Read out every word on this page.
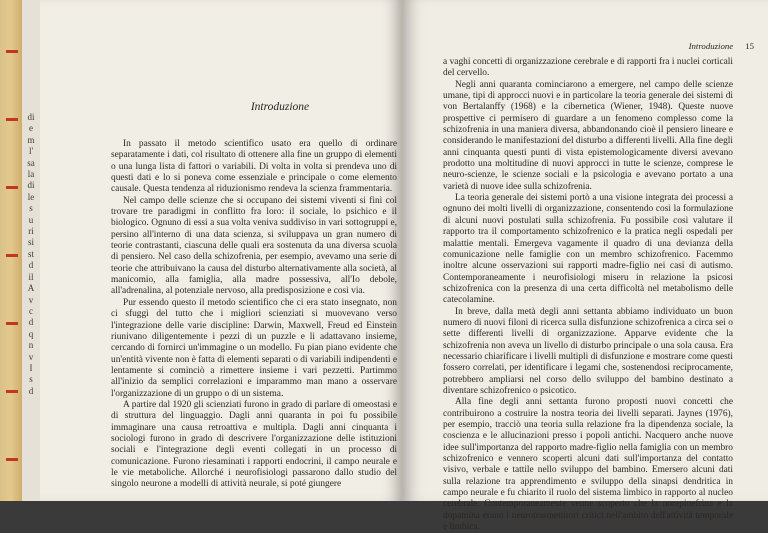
di
e
m
l'
sa
la
di
le
s
u
ri
si
st
d
il
A
v
c
d
q
n
v
I
s
d
Introduzione

In passato il metodo scientifico usato era quello di ordinare separatamente i dati, col risultato di ottenere alla fine un gruppo di elementi o una lunga lista di fattori o variabili. Di volta in volta si prendeva uno di questi dati e lo si poneva come essenziale e principale o come elemento causale. Questa tendenza al riduzionismo rendeva la scienza frammentaria.

Nel campo delle scienze che si occupano dei sistemi viventi si finì col trovare tre paradigmi in conflitto fra loro: il sociale, lo psichico e il biologico. Ognuno di essi a sua volta veniva suddiviso in vari sottogruppi e, persino all'interno di una data scienza, si sviluppava un gran numero di teorie contrastanti, ciascuna delle quali era sostenuta da una diversa scuola di pensiero. Nel caso della schizofrenia, per esempio, avevamo una serie di teorie che attribuivano la causa del disturbo alternativamente alla società, al manicomio, alla famiglia, alla madre possessiva, all'Io debole, all'adrenalina, al potenziale nervoso, alla predisposizione e così via.

Pur essendo questo il metodo scientifico che ci era stato insegnato, non ci sfuggì del tutto che i migliori scienziati si muovevano verso l'integrazione delle varie discipline: Darwin, Maxwell, Freud ed Einstein riunivano diligentemente i pezzi di un puzzle e li adattavano insieme, cercando di fornirci un'immagine o un modello. Fu pian piano evidente che un'entità vivente non è fatta di elementi separati o di variabili indipendenti e lentamente si cominciò a rimettere insieme i vari pezzetti. Partimmo all'inizio da semplici correlazioni e imparammo man mano a osservare l'organizzazione di un gruppo o di un sistema.

A partire dal 1920 gli scienziati furono in grado di parlare di omeostasi e di struttura del linguaggio. Dagli anni quaranta in poi fu possibile immaginare una causa retroattiva e multipla. Dagli anni cinquanta i sociologi furono in grado di descrivere l'organizzazione delle istituzioni sociali e l'integrazione degli eventi collegati in un processo di comunicazione. Furono riesaminati i rapporti endocrini, il campo neurale e le vie metaboliche. Allorché i neurofisiologi passarono dallo studio del singolo neurone a modelli di attività neurale, si poté giungere

Introduzione 15

a vaghi concetti di organizzazione cerebrale e di rapporti fra i nuclei corticali del cervello.

Negli anni quaranta cominciarono a emergere, nel campo delle scienze umane, tipi di approcci nuovi e in particolare la teoria generale dei sistemi di von Bertalanffy (1968) e la cibernetica (Wiener, 1948). Queste nuove prospettive ci permisero di guardare a un fenomeno complesso come la schizofrenia in una maniera diversa, abbandonando cioè il pensiero lineare e considerando le manifestazioni del disturbo a differenti livelli. Alla fine degli anni cinquanta questi punti di vista epistemologicamente diversi avevano prodotto una moltitudine di nuovi approcci in tutte le scienze, comprese le neuro-scienze, le scienze sociali e la psicologia e avevano portato a una varietà di nuove idee sulla schizofrenia.

La teoria generale dei sistemi portò a una visione integrata dei processi a ognuno dei molti livelli di organizzazione, consentendo così la formulazione di alcuni nuovi postulati sulla schizofrenia. Fu possibile così valutare il rapporto tra il comportamento schizofrenico e la pratica negli ospedali per malattie mentali. Emergeva vagamente il quadro di una devianza della comunicazione nelle famiglie con un membro schizofrenico. Facemmo inoltre alcune osservazioni sui rapporti madre-figlio nei casi di autismo. Contemporaneamente i neurofisiologi miseru in relazione la psicosi schizofrenica con la presenza di una certa difficoltà nel metabolismo delle catecolamine.

In breve, dalla metà degli anni settanta abbiamo individuato un buon numero di nuovi filoni di ricerca sulla disfunzione schizofrenica a circa sei o sette differenti livelli di organizzazione. Apparve evidente che la schizofrenia non aveva un livello di disturbo principale o una sola causa. Era necessario chiarificare i livelli multipli di disfunzione e mostrare come questi fossero correlati, per identificare i legami che, sostenendosi reciprocamente, potrebbero ampliarsi nel corso dello sviluppo del bambino destinato a diventare schizofrenico o psicotico.

Alla fine degli anni settanta furono proposti nuovi concetti che contribuirono a costruire la nostra teoria dei livelli separati. Jaynes (1976), per esempio, tracciò una teoria sulla relazione fra la dipendenza sociale, la coscienza e le allucinazioni presso i popoli antichi. Nacquero anche nuove idee sull'importanza del rapporto madre-figlio nella famiglia con un membro schizofrenico e vennero scoperti alcuni dati sull'importanza del contatto visivo, verbale e tattile nello sviluppo del bambino. Emersero alcuni dati sulla relazione tra apprendimento e sviluppo della sinapsi dendritica in campo neurale e fu chiarito il ruolo del sistema limbico in rapporto al nucleo cerebrale. Contemporaneamente venne scoperto che la norepinefrina e la dopamina erano i neurotrasmettitori critici nell'ambito dell'attività temporale e limbica.
